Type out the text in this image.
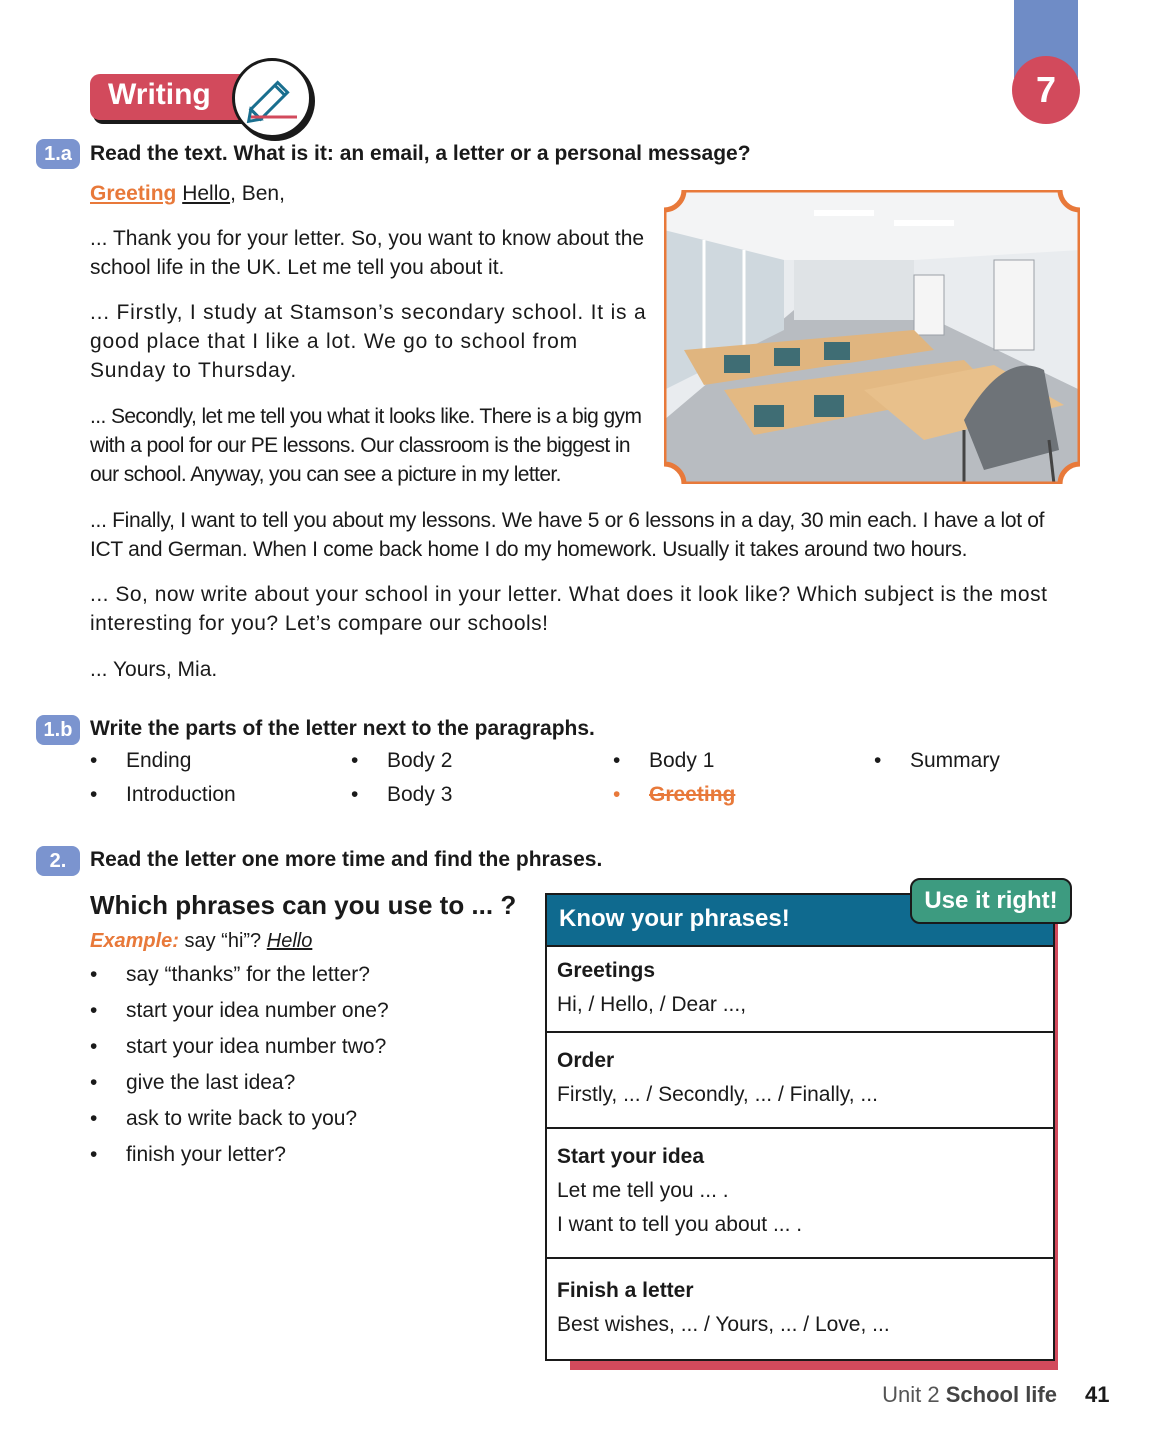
7
Writing
1.a Read the text. What is it: an email, a letter or a personal message?
Greeting Hello, Ben,
... Thank you for your letter. So, you want to know about the school life in the UK. Let me tell you about it.
... Firstly, I study at Stamson’s secondary school. It is a good place that I like a lot. We go to school from Sunday to Thursday.
... Secondly, let me tell you what it looks like. There is a big gym with a pool for our PE lessons. Our classroom is the biggest in our school. Anyway, you can see a picture in my letter.
... Finally, I want to tell you about my lessons. We have 5 or 6 lessons in a day, 30 min each. I have a lot of ICT and German. When I come back home I do my homework. Usually it takes around two hours.
... So, now write about your school in your letter. What does it look like? Which subject is the most interesting for you? Let’s compare our schools!
... Yours, Mia.
1.b Write the parts of the letter next to the paragraphs.
• Ending	• Body 2	• Body 1	• Summary
• Introduction	• Body 3	• Greeting
2.	Read the letter one more time and find the phrases.
Which phrases can you use to ... ?
Example: say “hi”? Hello
• say “thanks” for the letter?
• start your idea number one?
• start your idea number two?
• give the last idea?
• ask to write back to you?
• finish your letter?
Know your phrases!
Greetings
Hi, / Hello, / Dear ...,
Order
Firstly, ... / Secondly, ... / Finally, ...
Start your idea
Let me tell you ... .
I want to tell you about ... .
Finish a letter
Best wishes, ... / Yours, ... / Love, ...
Use it right!
Unit 2 School life 41
